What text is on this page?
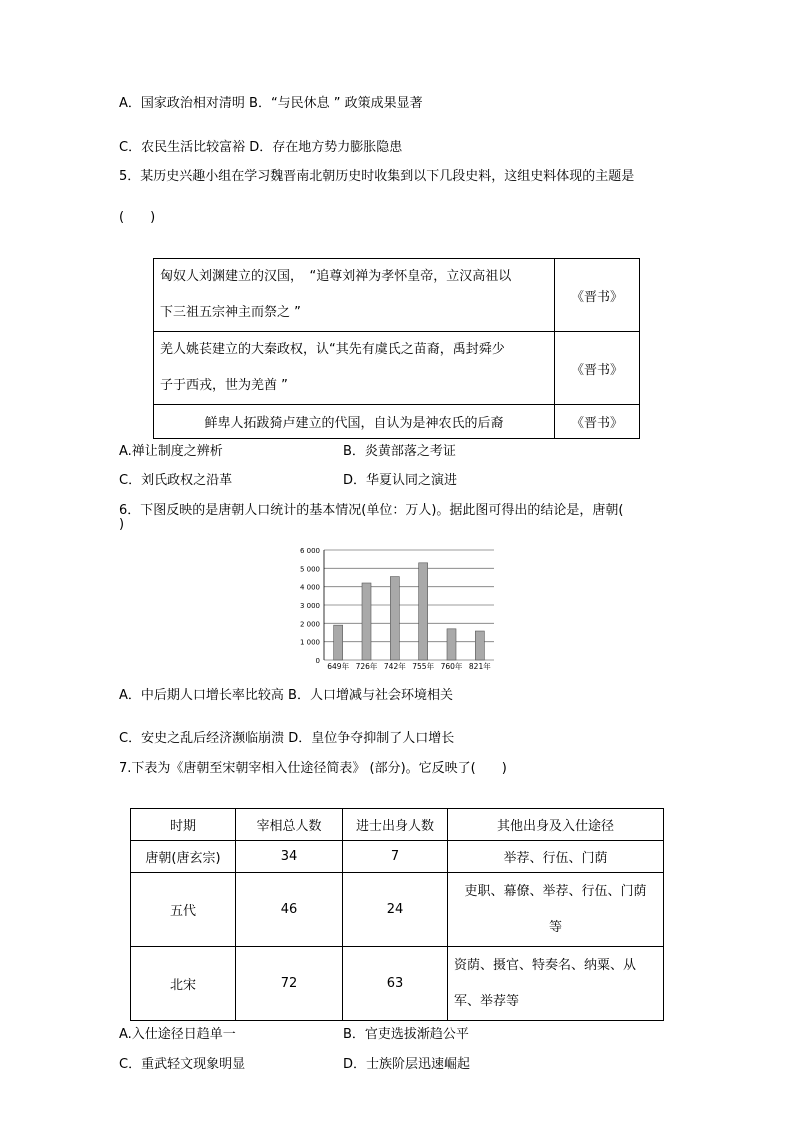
A．国家政治相对清明 B．“与民休息 ” 政策成果显著
C．农民生活比较富裕 D．存在地方势力膨胀隐患
5．某历史兴趣小组在学习魏晋南北朝历史时收集到以下几段史料，这组史料体现的主题是
(　　)
匈奴人刘渊建立的汉国，　“追尊刘禅为孝怀皇帝，立汉高祖以
下三祖五宗神主而祭之 ”	《晋书》

羌人姚苌建立的大秦政权，认“其先有虞氏之苗裔，禹封舜少
子于西戎，世为羌酋 ”	《晋书》
鲜卑人拓跋猗卢建立的代国，自认为是神农氏的后裔	《晋书》
A.禅让制度之辨析	B．炎黄部落之考证
C．刘氏政权之沿革	D．华夏认同之演进
6．下图反映的是唐朝人口统计的基本情况(单位：万人)。据此图可得出的结论是，唐朝(
)
0
1 000
2 000
3 000
4 000
5 000
6 000
649年 726年 742年 755年 760年 821年
A．中后期人口增长率比较高 B．人口增减与社会环境相关
C．安史之乱后经济濒临崩溃 D．皇位争夺抑制了人口增长
7.下表为《唐朝至宋朝宰相入仕途径简表》 (部分)。它反映了(　　)
时期	宰相总人数	进士出身人数	其他出身及入仕途径
唐朝(唐玄宗)	34	7	举荐、行伍、门荫
五代	46	24	吏职、幕僚、举荐、行伍、门荫
等

北宋	72	63	资荫、摄官、特奏名、纳粟、从
军、举荐等
A.入仕途径日趋单一	B．官吏选拔渐趋公平
C．重武轻文现象明显	D．士族阶层迅速崛起
